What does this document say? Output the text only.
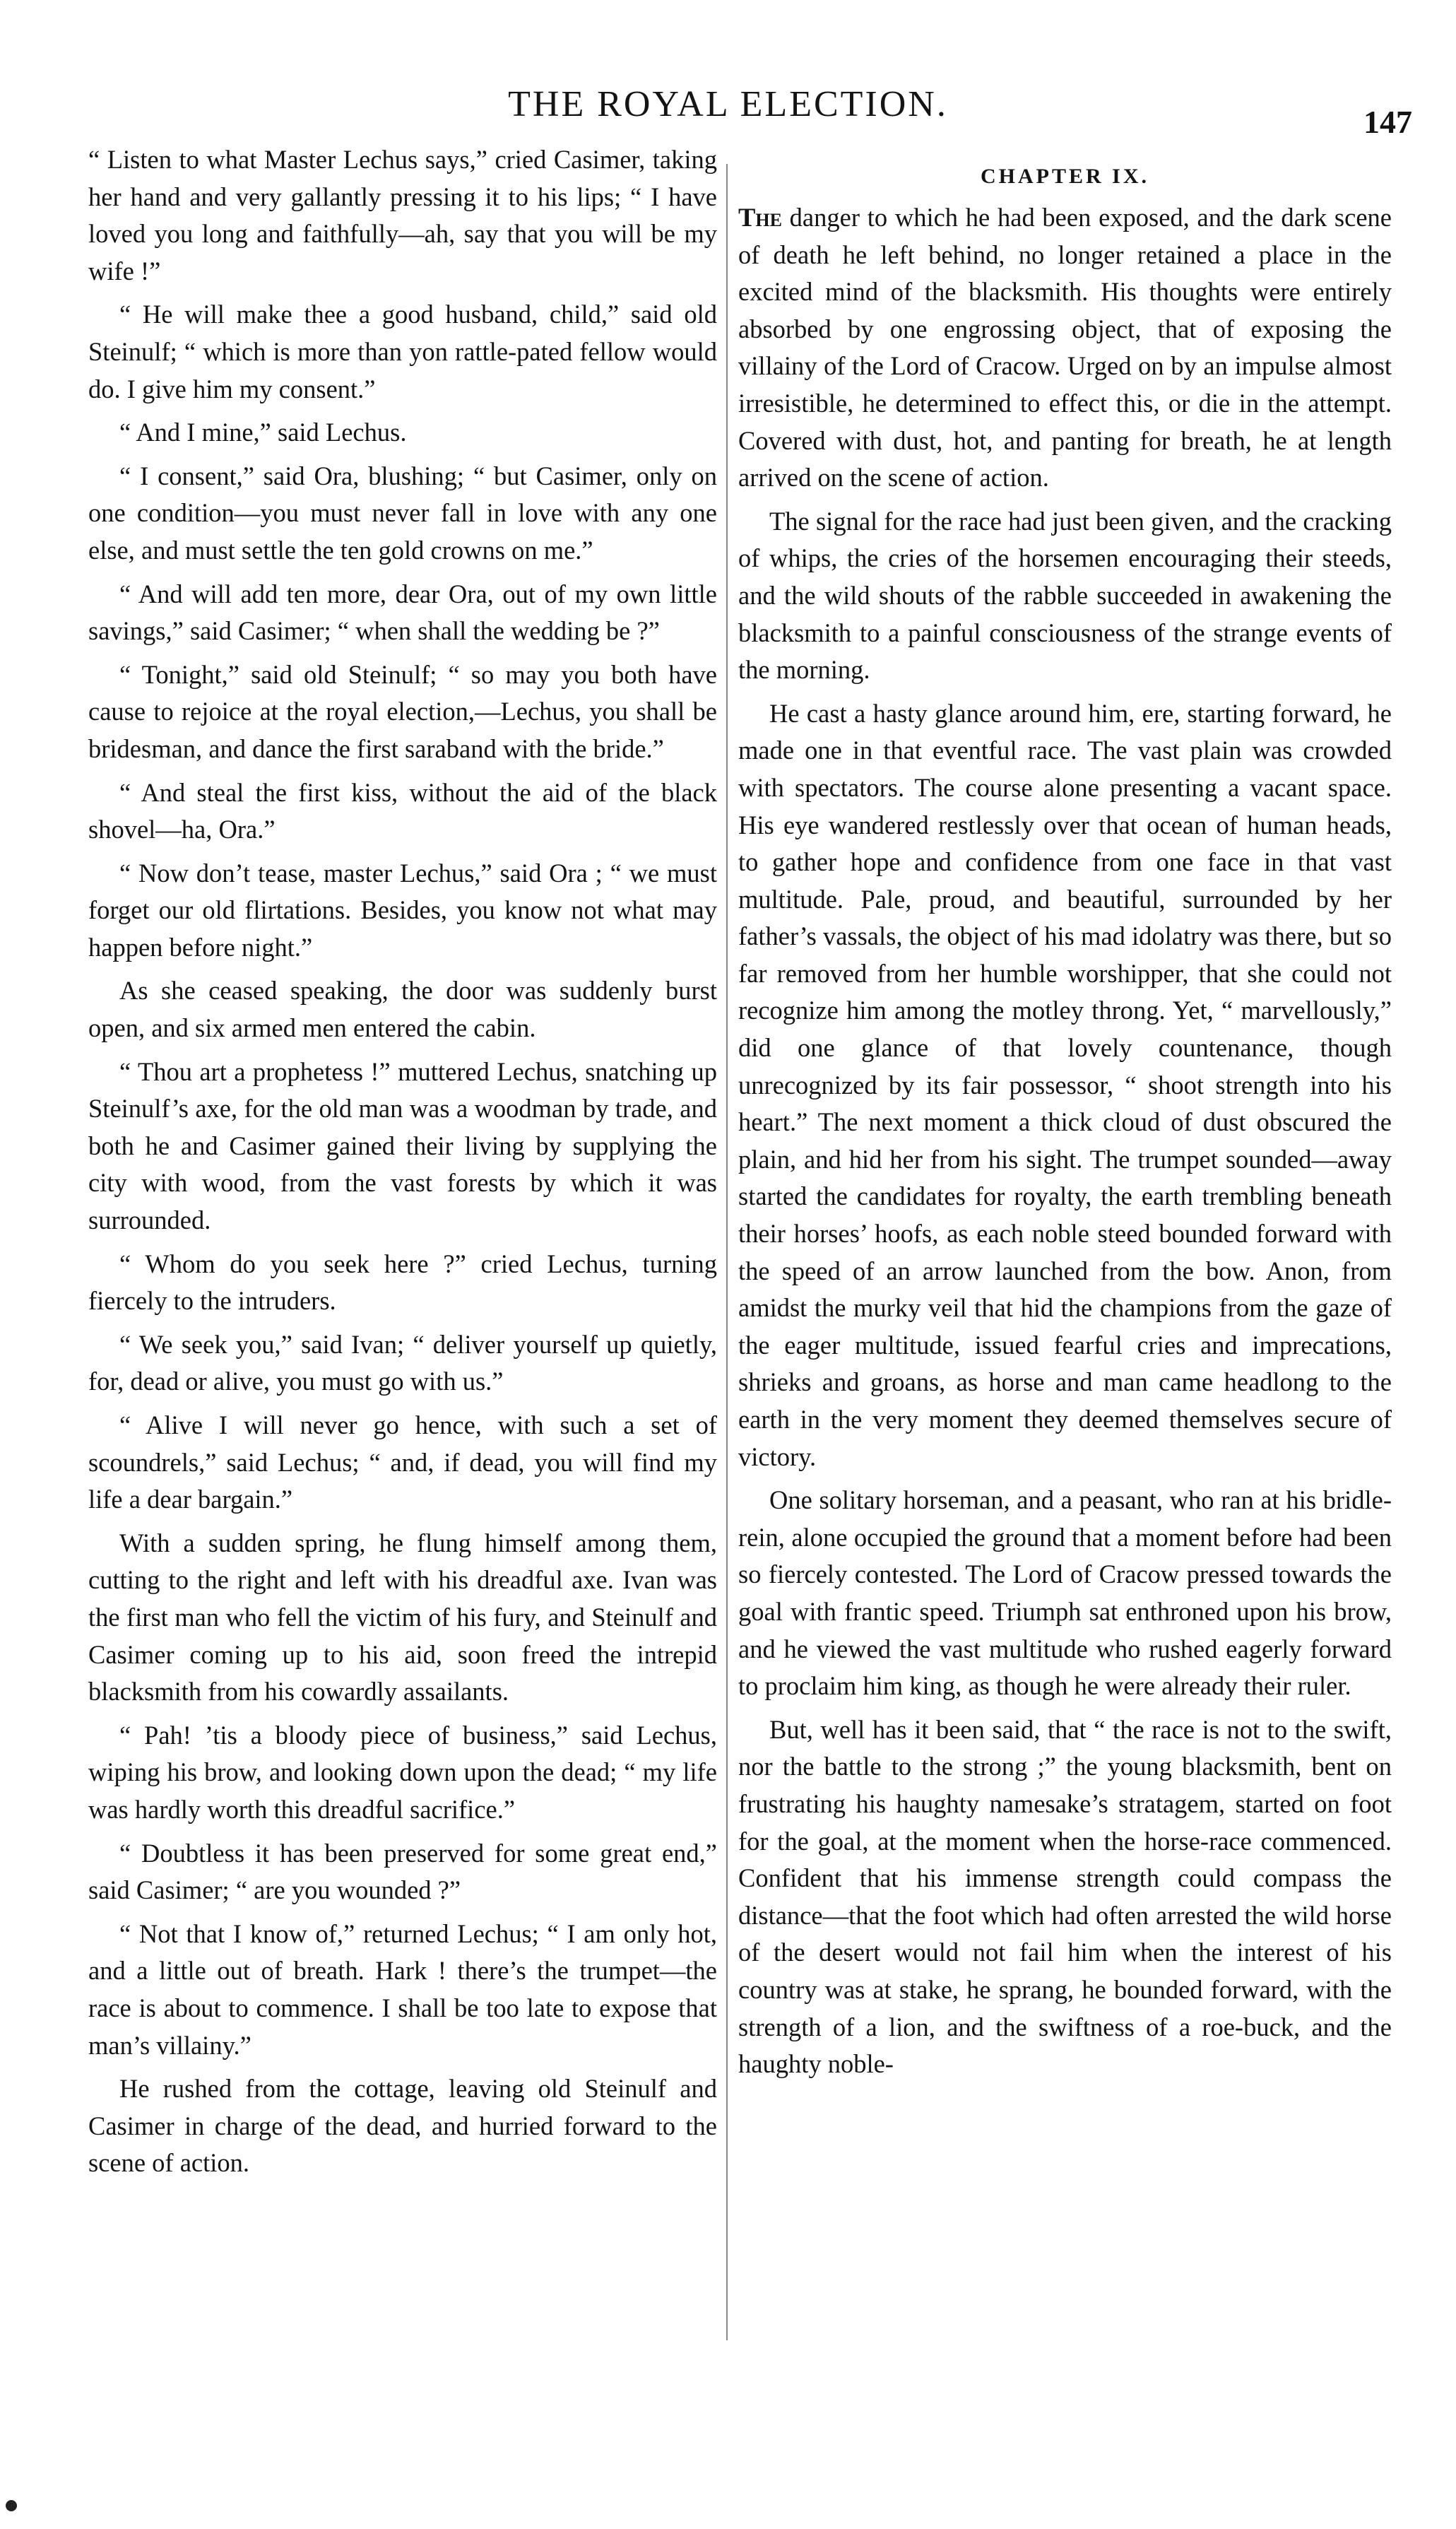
THE ROYAL ELECTION.	147

“ Listen to what Master Lechus says,” cried Casimer, taking her hand and very gallantly pressing it to his lips; “ I have loved you long and faithfully—ah, say that you will be my wife !”

“ He will make thee a good husband, child,” said old Steinulf; “ which is more than yon rattle-pated fellow would do. I give him my consent.”

“ And I mine,” said Lechus.

“ I consent,” said Ora, blushing; “ but Casimer, only on one condition—you must never fall in love with any one else, and must settle the ten gold crowns on me.”

“ And will add ten more, dear Ora, out of my own little savings,” said Casimer; “ when shall the wedding be ?”

“ Tonight,” said old Steinulf; “ so may you both have cause to rejoice at the royal election,—Lechus, you shall be bridesman, and dance the first saraband with the bride.”

“ And steal the first kiss, without the aid of the black shovel—ha, Ora.”

“ Now don’t tease, master Lechus,” said Ora ; “ we must forget our old flirtations. Besides, you know not what may happen before night.”

As she ceased speaking, the door was suddenly burst open, and six armed men entered the cabin.

“ Thou art a prophetess !” muttered Lechus, snatching up Steinulf’s axe, for the old man was a woodman by trade, and both he and Casimer gained their living by supplying the city with wood, from the vast forests by which it was surrounded.

“ Whom do you seek here ?” cried Lechus, turning fiercely to the intruders.

“ We seek you,” said Ivan; “ deliver yourself up quietly, for, dead or alive, you must go with us.”

“ Alive I will never go hence, with such a set of scoundrels,” said Lechus; “ and, if dead, you will find my life a dear bargain.”

With a sudden spring, he flung himself among them, cutting to the right and left with his dreadful axe. Ivan was the first man who fell the victim of his fury, and Steinulf and Casimer coming up to his aid, soon freed the intrepid blacksmith from his cowardly assailants.

“ Pah! ’tis a bloody piece of business,” said Lechus, wiping his brow, and looking down upon the dead; “ my life was hardly worth this dreadful sacrifice.”

“ Doubtless it has been preserved for some great end,” said Casimer; “ are you wounded ?”

“ Not that I know of,” returned Lechus; “ I am only hot, and a little out of breath. Hark ! there’s the trumpet—the race is about to commence. I shall be too late to expose that man’s villainy.”

He rushed from the cottage, leaving old Steinulf and Casimer in charge of the dead, and hurried forward to the scene of action.

CHAPTER IX.

The danger to which he had been exposed, and the dark scene of death he left behind, no longer retained a place in the excited mind of the blacksmith. His thoughts were entirely absorbed by one engrossing object, that of exposing the villainy of the Lord of Cracow. Urged on by an impulse almost irresistible, he determined to effect this, or die in the attempt. Covered with dust, hot, and panting for breath, he at length arrived on the scene of action.

The signal for the race had just been given, and the cracking of whips, the cries of the horsemen encouraging their steeds, and the wild shouts of the rabble succeeded in awakening the blacksmith to a painful consciousness of the strange events of the morning.

He cast a hasty glance around him, ere, starting forward, he made one in that eventful race. The vast plain was crowded with spectators. The course alone presenting a vacant space. His eye wandered restlessly over that ocean of human heads, to gather hope and confidence from one face in that vast multitude. Pale, proud, and beautiful, surrounded by her father’s vassals, the object of his mad idolatry was there, but so far removed from her humble worshipper, that she could not recognize him among the motley throng. Yet, “ marvellously,” did one glance of that lovely countenance, though unrecognized by its fair possessor, “ shoot strength into his heart.” The next moment a thick cloud of dust obscured the plain, and hid her from his sight. The trumpet sounded—away started the candidates for royalty, the earth trembling beneath their horses’ hoofs, as each noble steed bounded forward with the speed of an arrow launched from the bow. Anon, from amidst the murky veil that hid the champions from the gaze of the eager multitude, issued fearful cries and imprecations, shrieks and groans, as horse and man came headlong to the earth in the very moment they deemed themselves secure of victory.

One solitary horseman, and a peasant, who ran at his bridle-rein, alone occupied the ground that a moment before had been so fiercely contested. The Lord of Cracow pressed towards the goal with frantic speed. Triumph sat enthroned upon his brow, and he viewed the vast multitude who rushed eagerly forward to proclaim him king, as though he were already their ruler.

But, well has it been said, that “ the race is not to the swift, nor the battle to the strong ;” the young blacksmith, bent on frustrating his haughty namesake’s stratagem, started on foot for the goal, at the moment when the horse-race commenced. Confident that his immense strength could compass the distance—that the foot which had often arrested the wild horse of the desert would not fail him when the interest of his country was at stake, he sprang, he bounded forward, with the strength of a lion, and the swiftness of a roe-buck, and the haughty noble-
